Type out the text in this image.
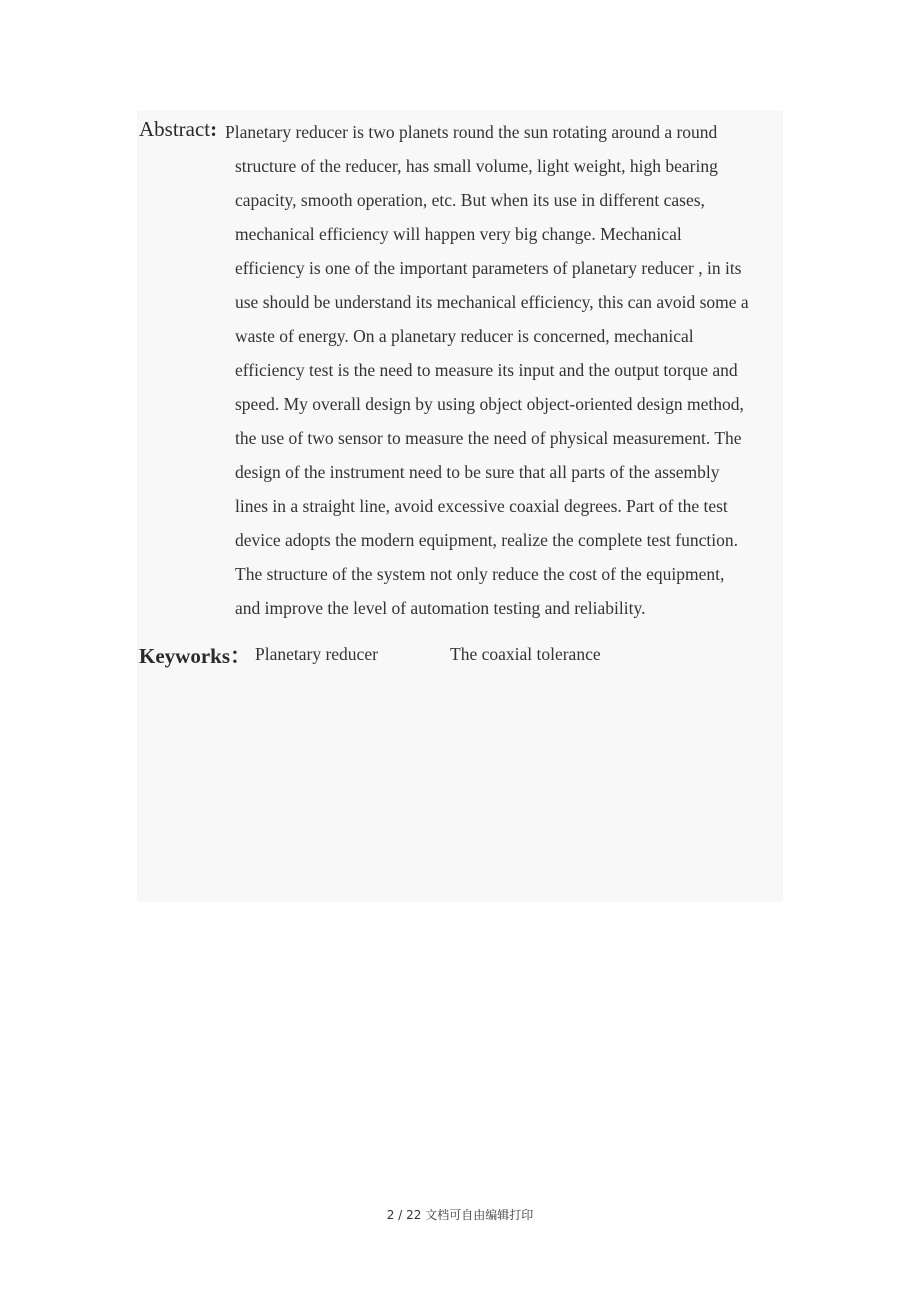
Abstract: Planetary reducer is two planets round the sun rotating around a round
structure of the reducer, has small volume, light weight, high bearing
capacity, smooth operation, etc. But when its use in different cases,
mechanical efficiency will happen very big change. Mechanical
efficiency is one of the important parameters of planetary reducer , in its
use should be understand its mechanical efficiency, this can avoid some a
waste of energy. On a planetary reducer is concerned, mechanical
efficiency test is the need to measure its input and the output torque and
speed. My overall design by using object object-oriented design method,
the use of two sensor to measure the need of physical measurement. The
design of the instrument need to be sure that all parts of the assembly
lines in a straight line, avoid excessive coaxial degrees. Part of the test
device adopts the modern equipment, realize the complete test function.
The structure of the system not only reduce the cost of the equipment,
and improve the level of automation testing and reliability.
Keyworks： Planetary reducer	The coaxial tolerance
2 / 22 文档可自由编辑打印
